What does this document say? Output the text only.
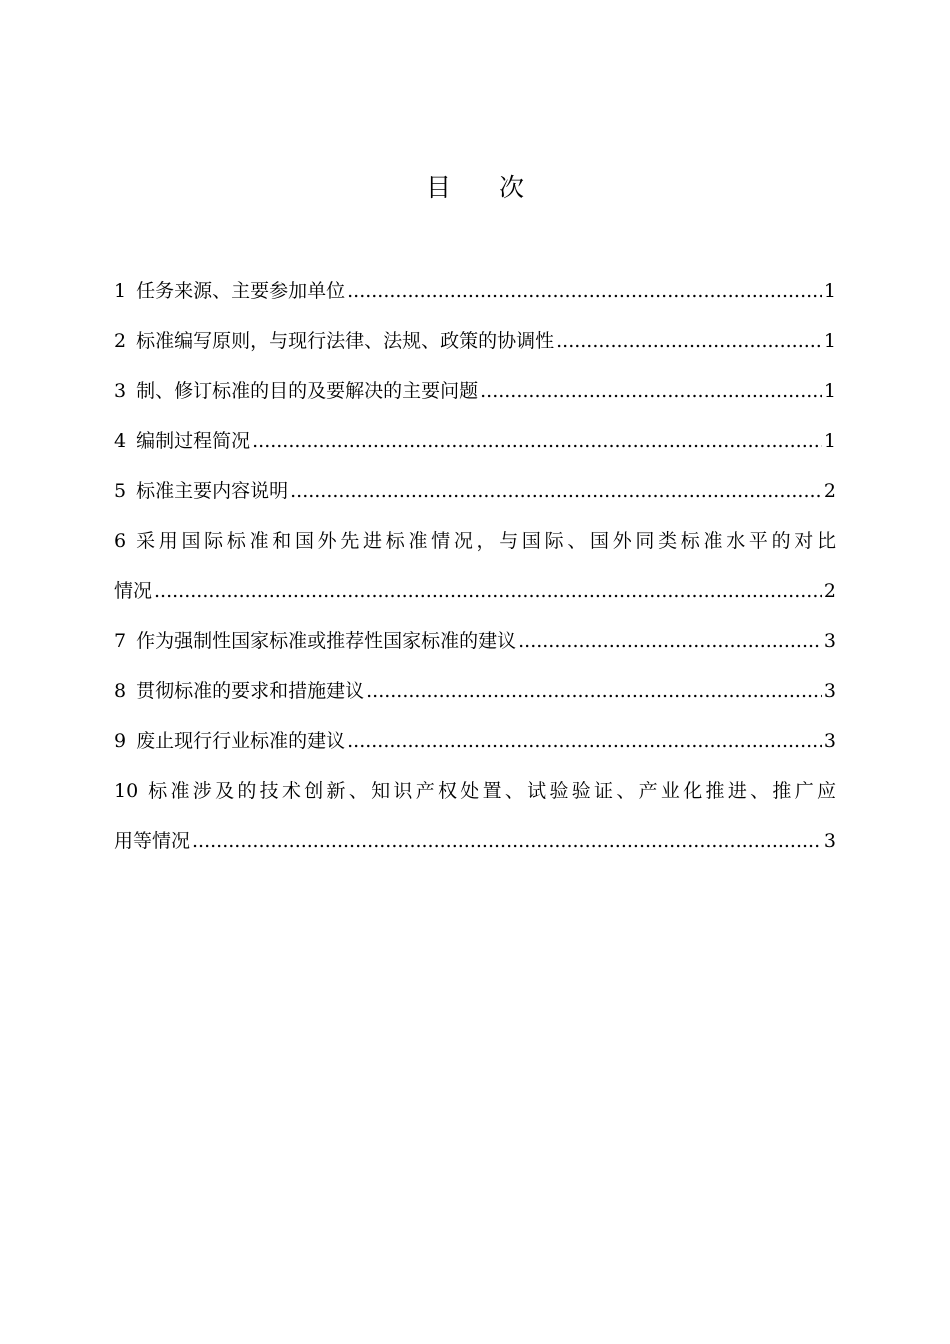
目 次
1 任务来源、主要参加单位 .....	1
2 标准编写原则，与现行法律、法规、政策的协调性 .....	1
3 制、修订标准的目的及要解决的主要问题 .....	1
4 编制过程简况 .....	1
5 标准主要内容说明 .....	2
6 采用国际标准和国外先进标准情况，与国际、国外同类标准水平的对比
情况 .....	2
7 作为强制性国家标准或推荐性国家标准的建议 .....	3
8 贯彻标准的要求和措施建议 .....	3
9 废止现行行业标准的建议 .....	3
10 标准涉及的技术创新、知识产权处置、试验验证、产业化推进、推广应
用等情况 .....	3
